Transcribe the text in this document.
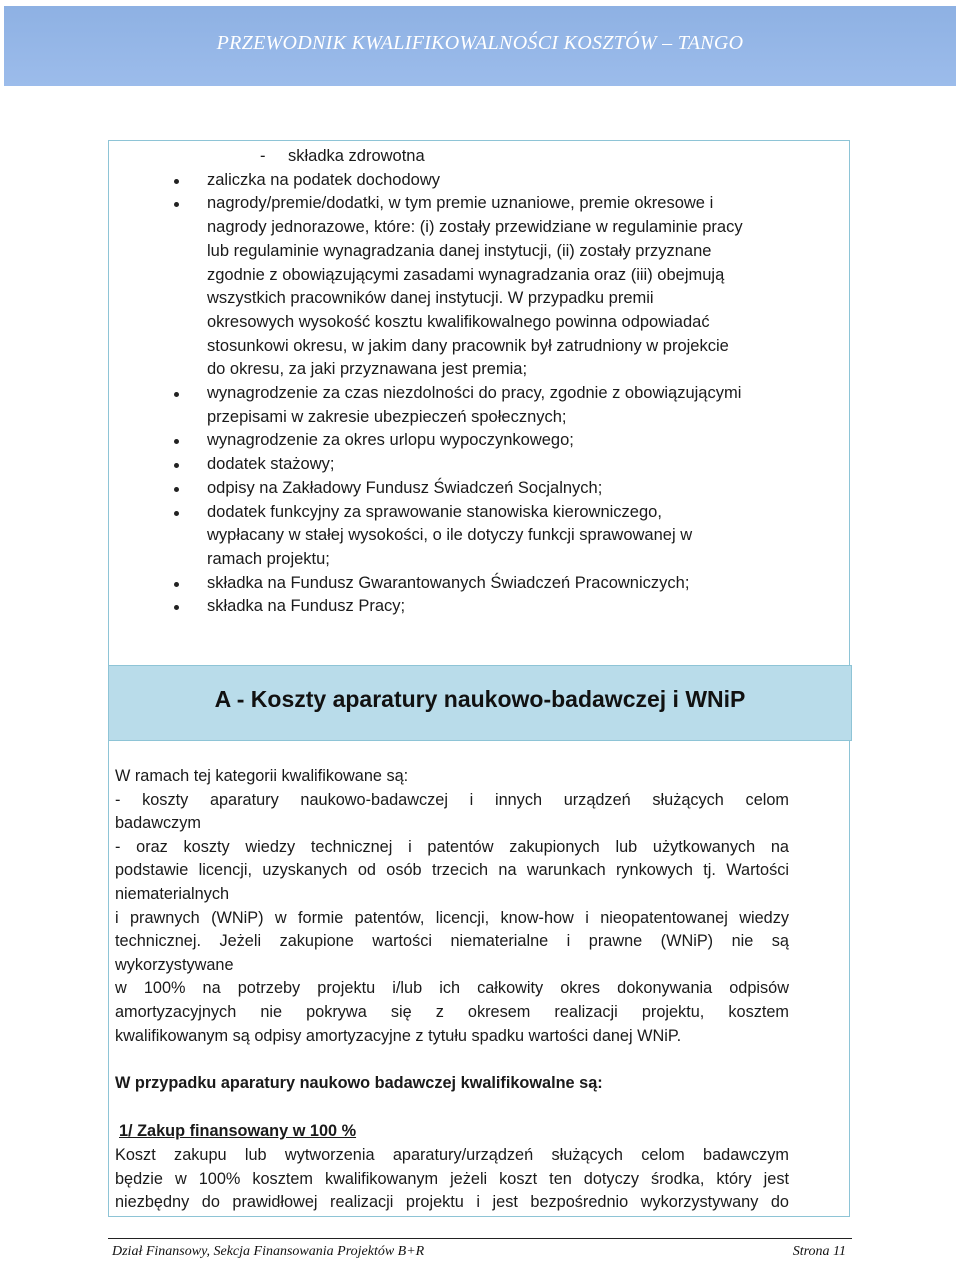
PRZEWODNIK KWALIFIKOWALNOŚCI KOSZTÓW – TANGO
A - Koszty aparatury naukowo-badawczej i WNiP
- składka zdrowotna
zaliczka na podatek dochodowy
nagrody/premie/dodatki, w tym premie uznaniowe, premie okresowe i
nagrody jednorazowe, które: (i) zostały przewidziane w regulaminie pracy
lub regulaminie wynagradzania danej instytucji, (ii) zostały przyznane
zgodnie z obowiązującymi zasadami wynagradzania oraz (iii) obejmują
wszystkich pracowników danej instytucji. W przypadku premii
okresowych wysokość kosztu kwalifikowalnego powinna odpowiadać
stosunkowi okresu, w jakim dany pracownik był zatrudniony w projekcie
do okresu, za jaki przyznawana jest premia;
wynagrodzenie za czas niezdolności do pracy, zgodnie z obowiązującymi
przepisami w zakresie ubezpieczeń społecznych;
wynagrodzenie za okres urlopu wypoczynkowego;
dodatek stażowy;
odpisy na Zakładowy Fundusz Świadczeń Socjalnych;
dodatek funkcyjny za sprawowanie stanowiska kierowniczego,
wypłacany w stałej wysokości, o ile dotyczy funkcji sprawowanej w
ramach projektu;
składka na Fundusz Gwarantowanych Świadczeń Pracowniczych;
składka na Fundusz Pracy;
W ramach tej kategorii kwalifikowane są:
- koszty aparatury naukowo-badawczej i innych urządzeń służących celom
badawczym
- oraz koszty wiedzy technicznej i patentów zakupionych lub użytkowanych na
podstawie licencji, uzyskanych od osób trzecich na warunkach rynkowych tj. Wartości
niematerialnych
i prawnych (WNiP) w formie patentów, licencji, know-how i nieopatentowanej wiedzy
technicznej. Jeżeli zakupione wartości niematerialne i prawne (WNiP) nie są
wykorzystywane
w 100% na potrzeby projektu i/lub ich całkowity okres dokonywania odpisów
amortyzacyjnych nie pokrywa się z okresem realizacji projektu, kosztem
kwalifikowanym są odpisy amortyzacyjne z tytułu spadku wartości danej WNiP.
W przypadku aparatury naukowo badawczej kwalifikowalne są:
1/ Zakup finansowany w 100 %
Koszt zakupu lub wytworzenia aparatury/urządzeń służących celom badawczym
będzie w 100% kosztem kwalifikowanym jeżeli koszt ten dotyczy środka, który jest
niezbędny do prawidłowej realizacji projektu i jest bezpośrednio wykorzystywany do
Dział Finansowy, Sekcja Finansowania Projektów B+R	Strona 11
